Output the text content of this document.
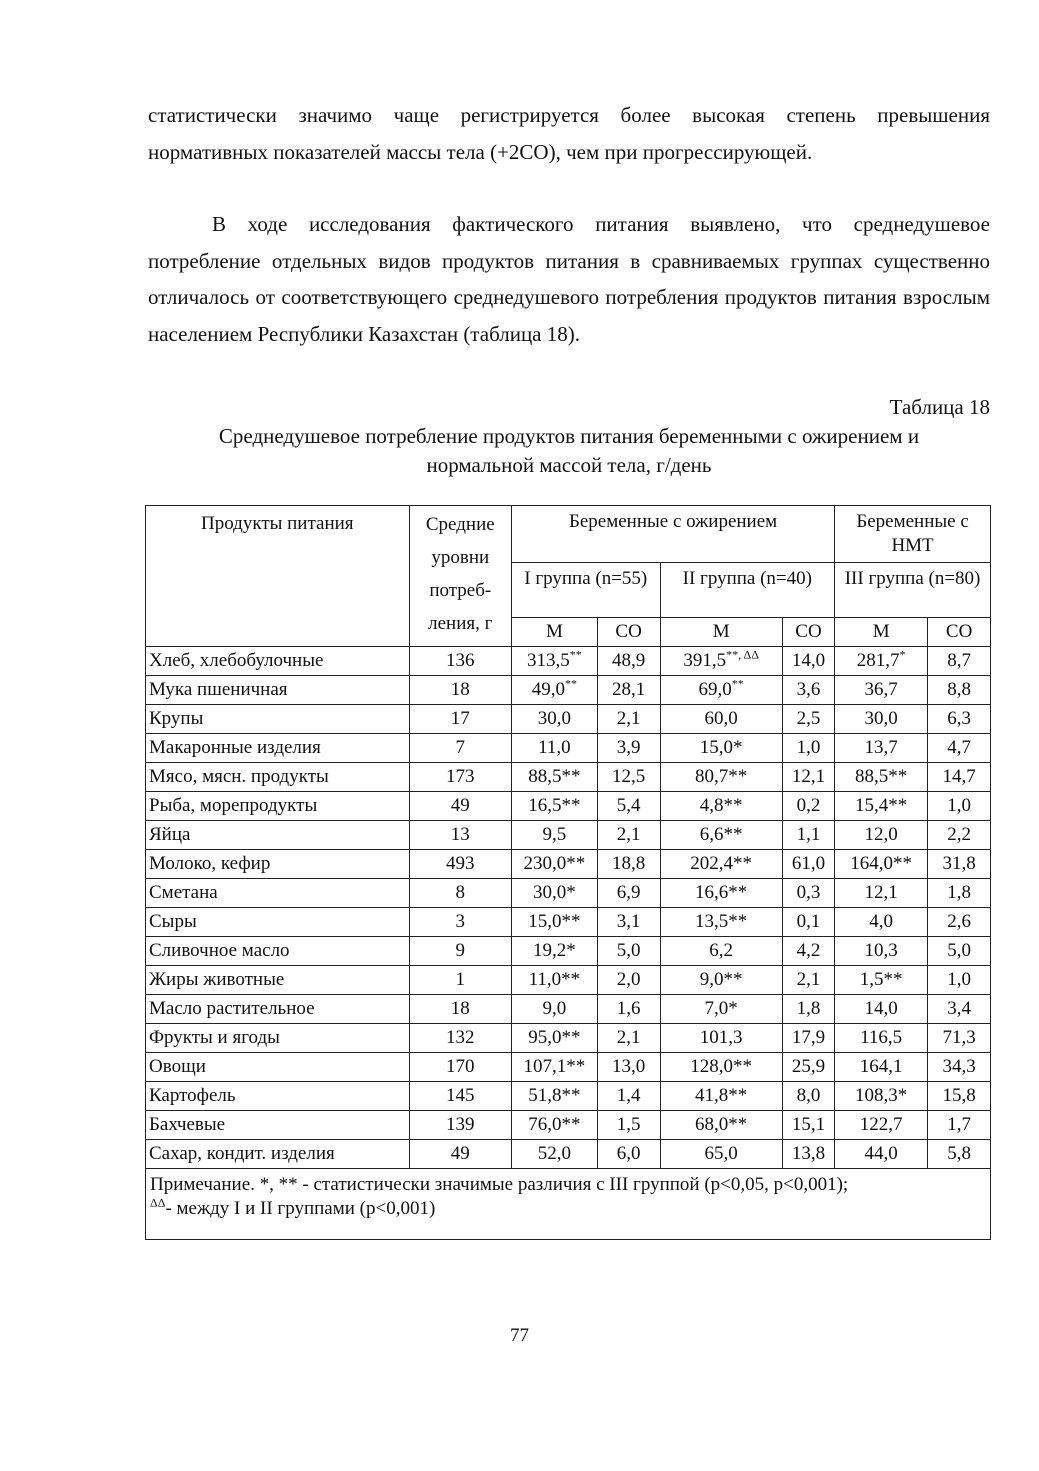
статистически значимо чаще регистрируется более высокая степень превышения нормативных показателей массы тела (+2СО), чем при прогрессирующей.

В ходе исследования фактического питания выявлено, что среднедушевое потребление отдельных видов продуктов питания в сравниваемых группах существенно отличалось от соответствующего среднедушевого потребления продуктов питания взрослым населением Республики Казахстан (таблица 18).

Таблица 18
Среднедушевое потребление продуктов питания беременными с ожирением и
нормальной массой тела, г/день
Продукты питания	Средние уровни потреб-ления, г	Беременные с ожирением				Беременные с НМТ	
		I группа (n=55)		II группа (n=40)		III группа (n=80)	
		М	СО	М	СО	М	СО
Хлеб, хлебобулочные	136	313,5**	48,9	$391,5^{**, \Delta\Delta}$	14,0	281,7*	8,7
Мука пшеничная	18	49,0**	28,1	69,0**	3,6	36,7	8,8
Крупы	17	30,0	2,1	60,0	2,5	30,0	6,3
Макаронные изделия	7	11,0	3,9	15,0*	1,0	13,7	4,7
Мясо, мясн. продукты	173	88,5**	12,5	80,7**	12,1	88,5**	14,7
Рыба, морепродукты	49	16,5**	5,4	4,8**	0,2	15,4**	1,0
Яйца	13	9,5	2,1	6,6**	1,1	12,0	2,2
Молоко, кефир	493	230,0**	18,8	202,4**	61,0	164,0**	31,8
Сметана	8	30,0*	6,9	16,6**	0,3	12,1	1,8
Сыры	3	15,0**	3,1	13,5**	0,1	4,0	2,6
Сливочное масло	9	19,2*	5,0	6,2	4,2	10,3	5,0
Жиры животные	1	11,0**	2,0	9,0**	2,1	1,5**	1,0
Масло растительное	18	9,0	1,6	7,0*	1,8	14,0	3,4
Фрукты и ягоды	132	95,0**	2,1	101,3	17,9	116,5	71,3
Овощи	170	107,1**	13,0	128,0**	25,9	164,1	34,3
Картофель	145	51,8**	1,4	41,8**	8,0	108,3*	15,8
Бахчевые	139	76,0**	1,5	68,0**	15,1	122,7	1,7
Сахар, кондит. изделия	49	52,0	6,0	65,0	13,8	44,0	5,8
Примечание. *, ** - статистически значимые различия с III группой (p<0,05, p<0,001);
$^{\Delta\Delta}$- между I и II группами (p<0,001)							
77
